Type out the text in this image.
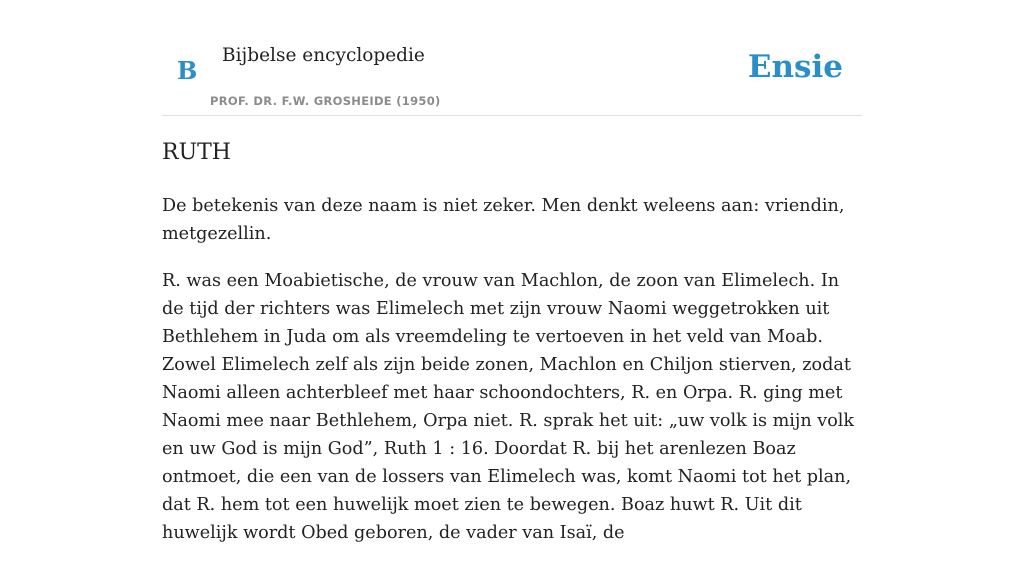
B
Bijbelse encyclopedie
PROF. DR. F.W. GROSHEIDE (1950)
Ensie
RUTH

De betekenis van deze naam is niet zeker. Men denkt weleens aan: vriendin, metgezellin.

R. was een Moabietische, de vrouw van Machlon, de zoon van Elimelech. In de tijd der richters was Elimelech met zijn vrouw Naomi weggetrokken uit Bethlehem in Juda om als vreemdeling te vertoeven in het veld van Moab. Zowel Elimelech zelf als zijn beide zonen, Machlon en Chiljon stierven, zodat Naomi alleen achterbleef met haar schoondochters, R. en Orpa. R. ging met Naomi mee naar Bethlehem, Orpa niet. R. sprak het uit: „uw volk is mijn volk en uw God is mijn God”, Ruth 1 : 16. Doordat R. bij het arenlezen Boaz ontmoet, die een van de lossers van Elimelech was, komt Naomi tot het plan, dat R. hem tot een huwelijk moet zien te bewegen. Boaz huwt R. Uit dit huwelijk wordt Obed geboren, de vader van Isaï, de
